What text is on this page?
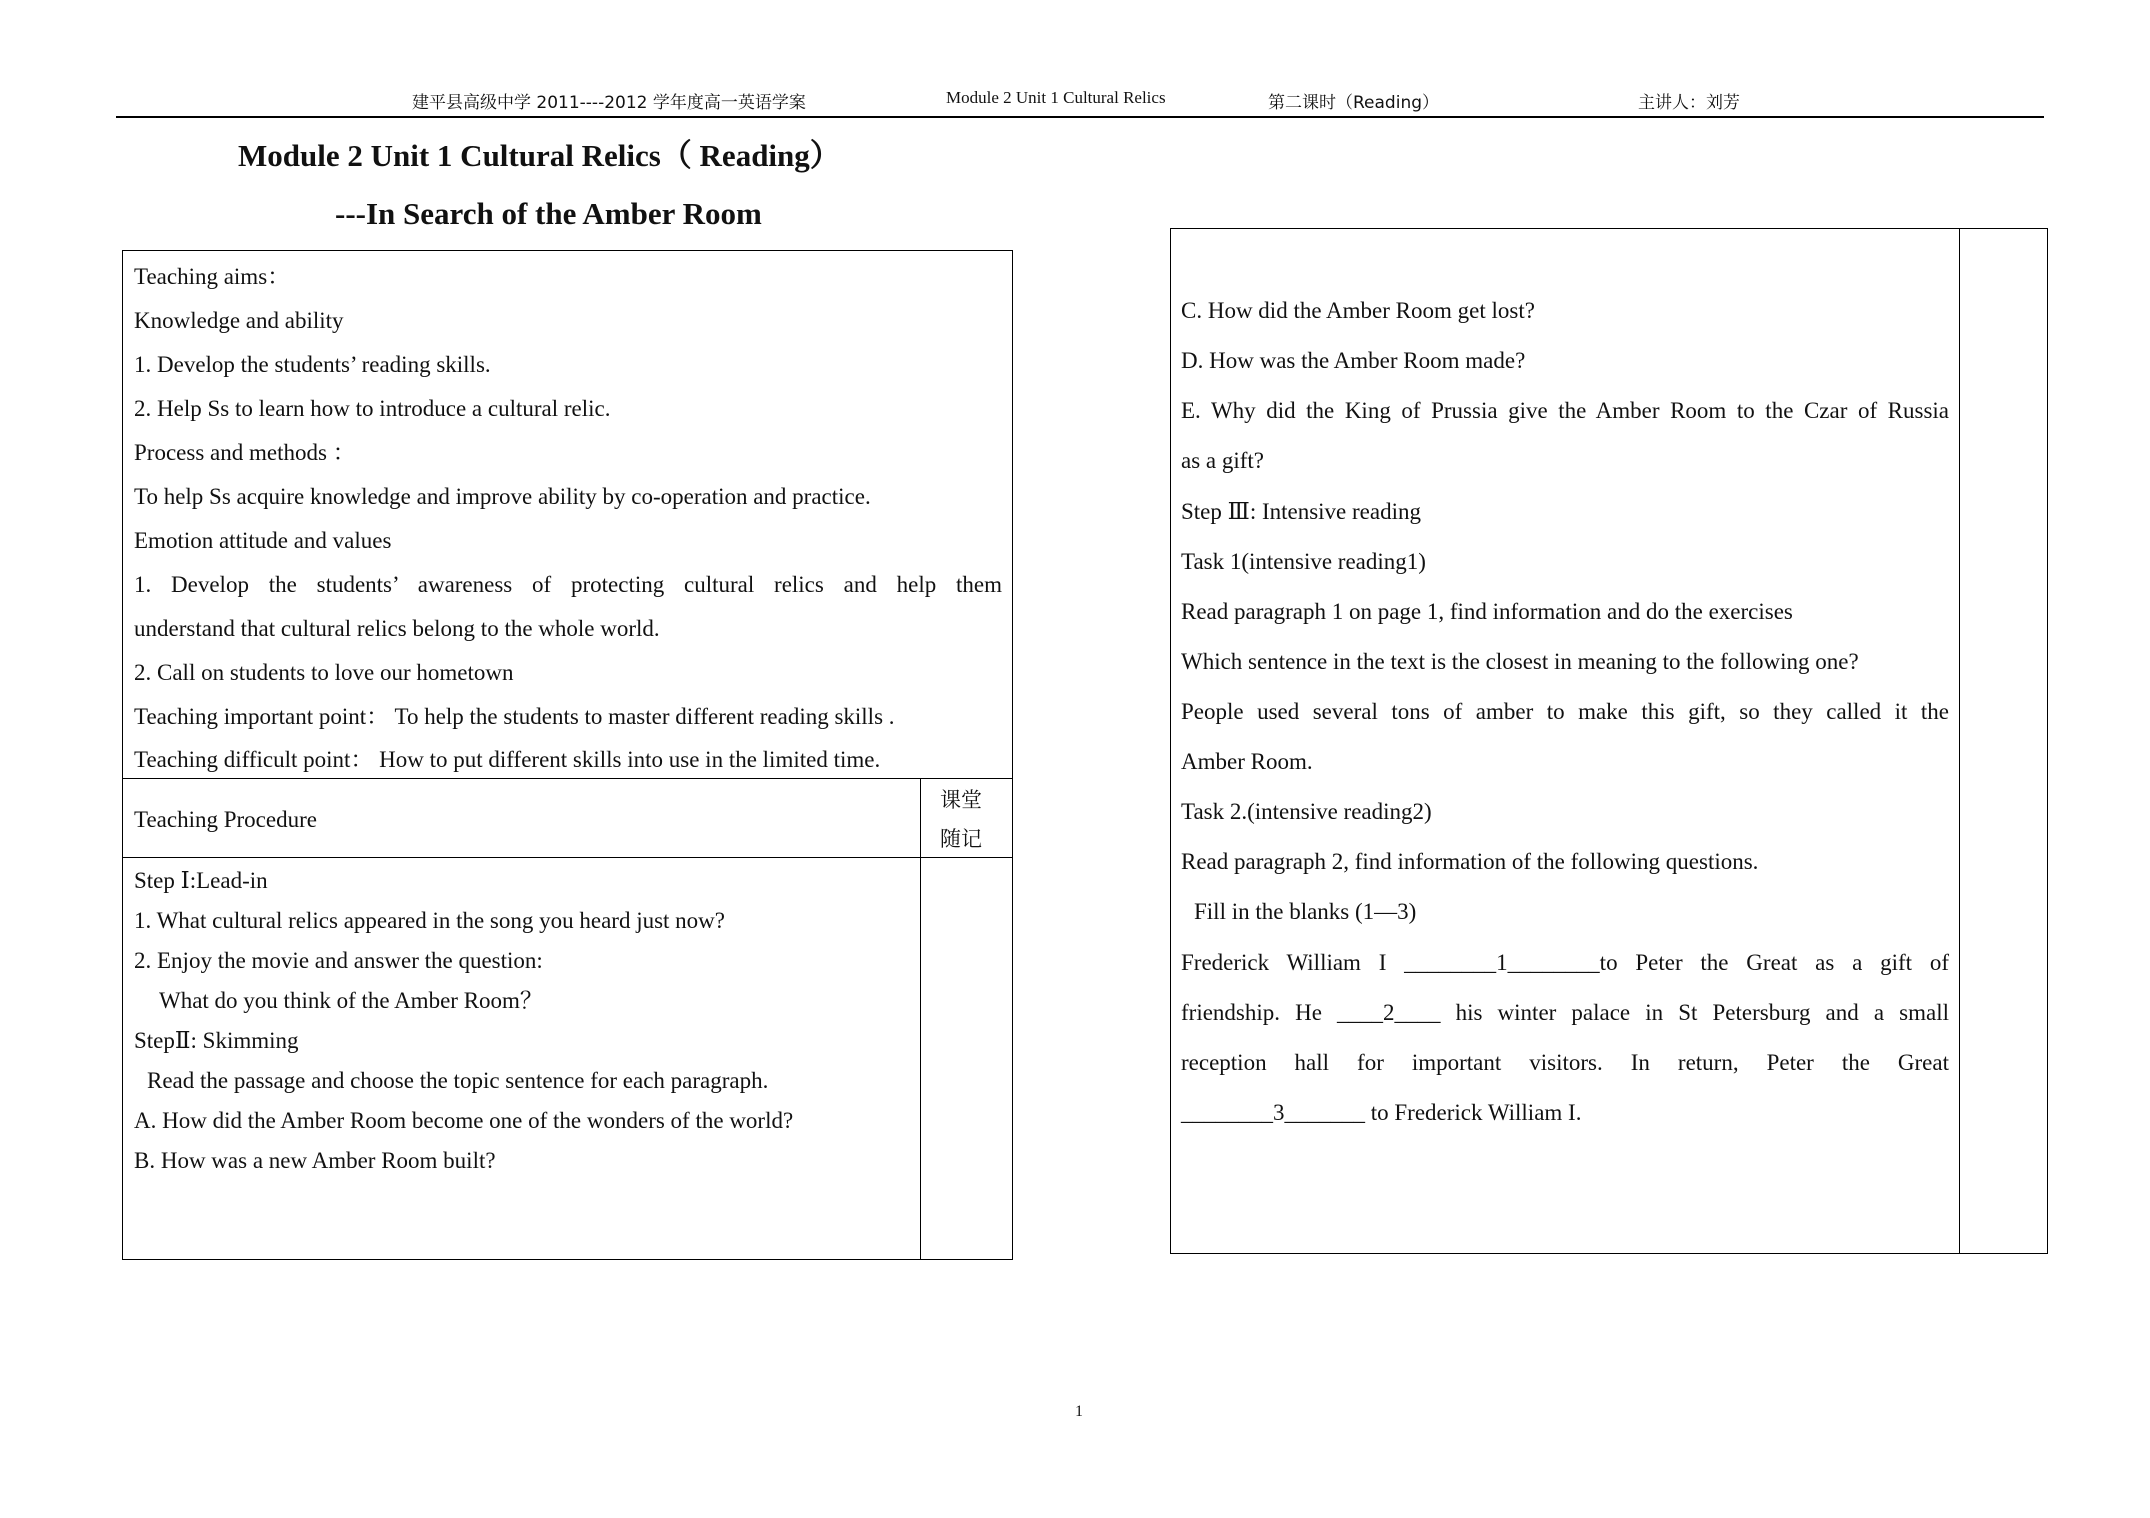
建平县高级中学 2011----2012 学年度高一英语学案	Module 2 Unit 1 Cultural Relics	第二课时（Reading）	主讲人：刘芳
Module 2 Unit 1 Cultural Relics（ Reading）
---In Search of the Amber Room
Teaching aims：
Knowledge and ability
1. Develop the students’ reading skills.
2. Help Ss to learn how to introduce a cultural relic.
Process and methods ：
To help Ss acquire knowledge and improve ability by co-operation and practice.
Emotion attitude and values
1. Develop the students’ awareness of protecting cultural relics and help them
understand that cultural relics belong to the whole world.
2. Call on students to love our hometown
Teaching important point： To help the students to master different reading skills .
Teaching difficult point： How to put different skills into use in the limited time.
Teaching Procedure
课堂
随记
Step Ⅰ:Lead-in
1. What cultural relics appeared in the song you heard just now?
2. Enjoy the movie and answer the question:
What do you think of the Amber Room？
StepⅡ: Skimming
Read the passage and choose the topic sentence for each paragraph.
A. How did the Amber Room become one of the wonders of the world?
B. How was a new Amber Room built?
C. How did the Amber Room get lost?
D. How was the Amber Room made?
E. Why did the King of Prussia give the Amber Room to the Czar of Russia
as a gift?
Step Ⅲ: Intensive reading
Task 1(intensive reading1)
Read paragraph 1 on page 1, find information and do the exercises
Which sentence in the text is the closest in meaning to the following one?
People used several tons of amber to make this gift, so they called it the
Amber Room.
Task 2.(intensive reading2)
Read paragraph 2, find information of the following questions.
Fill in the blanks (1—3)
Frederick William I ________1________to Peter the Great as a gift of
friendship. He ____2____ his winter palace in St Petersburg and a small
reception hall for important visitors. In return, Peter the Great
________3_______ to Frederick William I.
1
